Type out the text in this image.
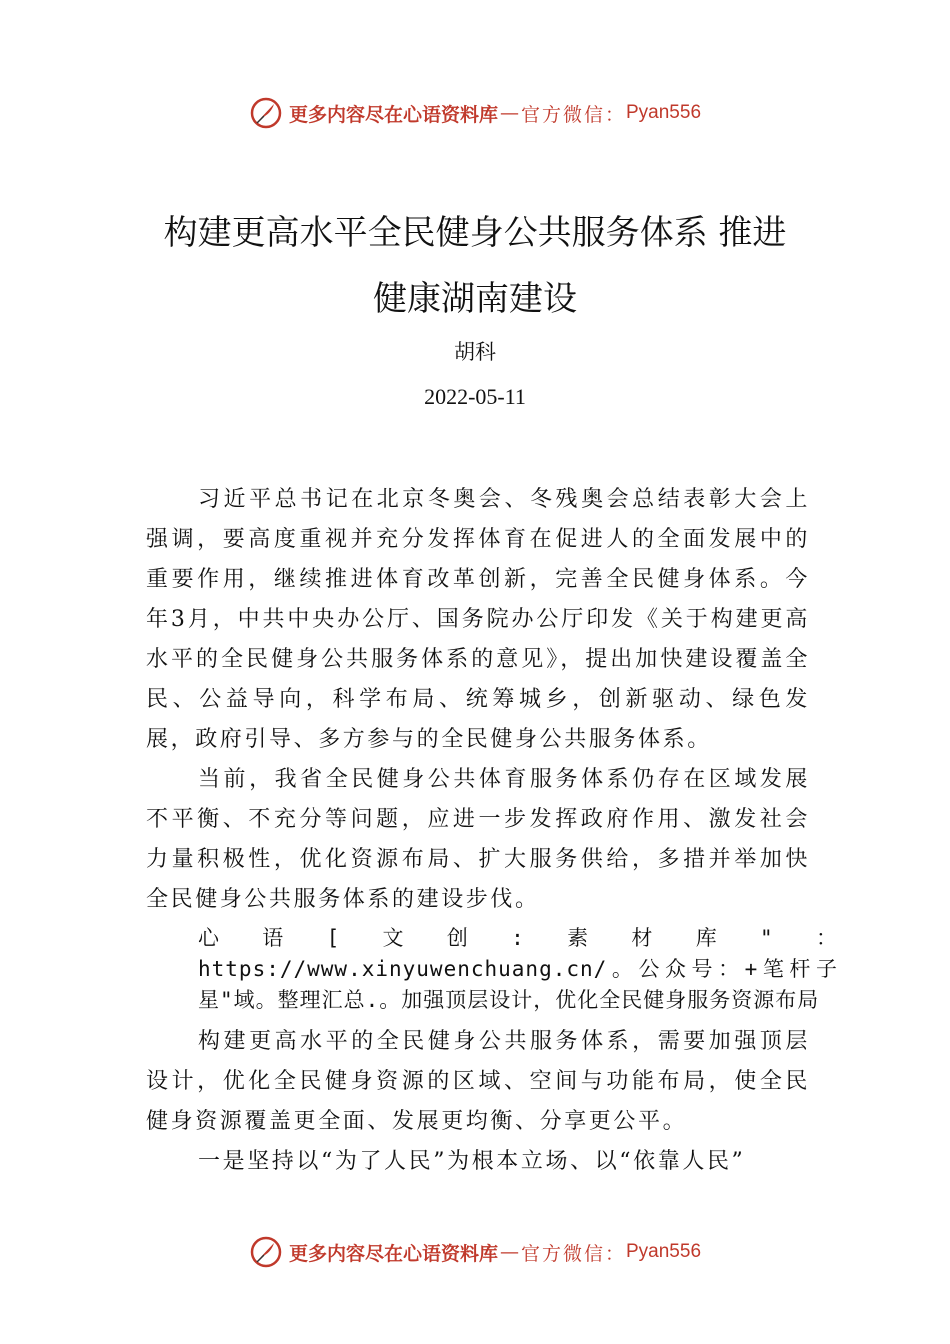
更多内容尽在心语资料库 — 官方微信： Pyan556
构建更高水平全民健身公共服务体系 推进
健康湖南建设
胡科
2022-05-11

习近平总书记在北京冬奥会、冬残奥会总结表彰大会上强调，要高度重视并充分发挥体育在促进人的全面发展中的重要作用，继续推进体育改革创新，完善全民健身体系。今年3月，中共中央办公厅、国务院办公厅印发《关于构建更高水平的全民健身公共服务体系的意见》，提出加快建设覆盖全民、公益导向，科学布局、统筹城乡，创新驱动、绿色发展，政府引导、多方参与的全民健身公共服务体系。

当前，我省全民健身公共体育服务体系仍存在区域发展不平衡、不充分等问题，应进一步发挥政府作用、激发社会力量积极性，优化资源布局、扩大服务供给，多措并举加快全民健身公共服务体系的建设步伐。

心语[文创:素材库"：https://www.xinyuwenchuang.cn/。公众号：+笔杆子星"域。整理汇总.。加强顶层设计，优化全民健身服务资源布局

构建更高水平的全民健身公共服务体系，需要加强顶层设计，优化全民健身资源的区域、空间与功能布局，使全民健身资源覆盖更全面、发展更均衡、分享更公平。

一是坚持以“为了人民”为根本立场、以“依靠人民”

更多内容尽在心语资料库 — 官方微信： Pyan556
